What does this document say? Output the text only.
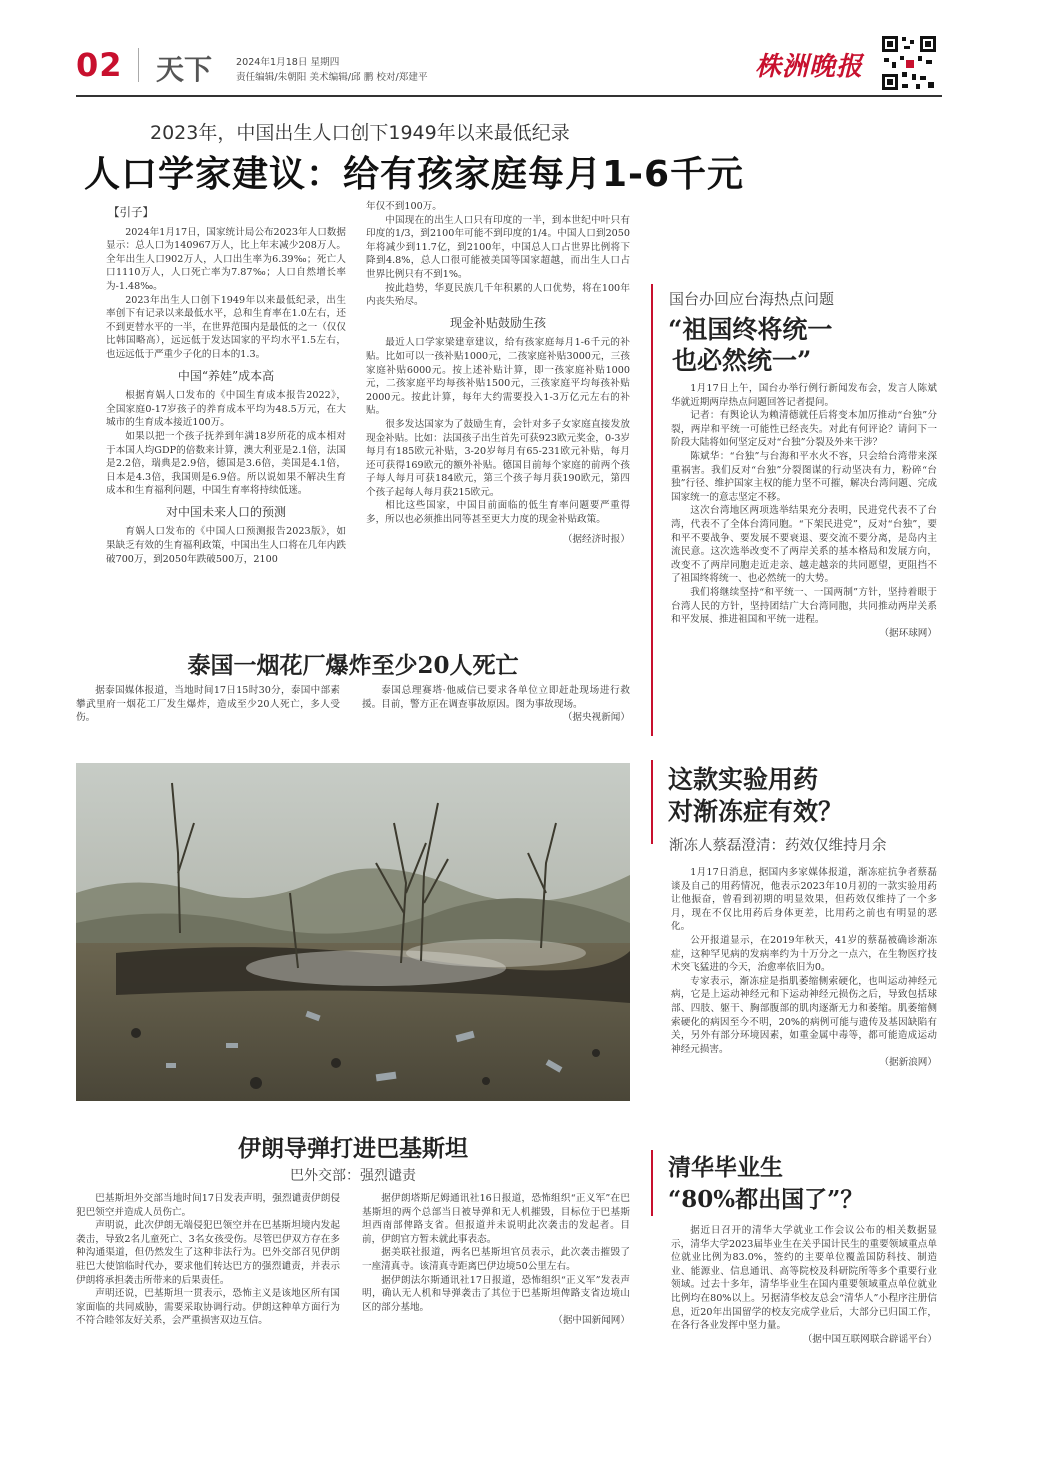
02 天下 2024年1月18日 星期四
责任编辑/朱朝阳 美术编辑/邱 鹏 校对/郑建平	株洲晚报
2023年，中国出生人口创下1949年以来最低纪录
人口学家建议：给有孩家庭每月1-6千元
【引子】

2024年1月17日，国家统计局公布2023年人口数据显示：总人口为140967万人，比上年末减少208万人。全年出生人口902万人，人口出生率为6.39‰；死亡人口1110万人，人口死亡率为7.87‰；人口自然增长率为-1.48‰。

2023年出生人口创下1949年以来最低纪录，出生率创下有记录以来最低水平，总和生育率在1.0左右，还不到更替水平的一半，在世界范围内是最低的之一（仅仅比韩国略高），远远低于发达国家的平均水平1.5左右，也远远低于严重少子化的日本的1.3。

中国“养娃”成本高

根据育娲人口发布的《中国生育成本报告2022》，全国家庭0-17岁孩子的养育成本平均为48.5万元，在大城市的生育成本接近100万。

如果以把一个孩子抚养到年满18岁所花的成本相对于本国人均GDP的倍数来计算，澳大利亚是2.1倍，法国是2.2倍，瑞典是2.9倍，德国是3.6倍，美国是4.1倍，日本是4.3倍，我国则是6.9倍。所以说如果不解决生育成本和生育福利问题，中国生育率将持续低迷。

对中国未来人口的预测

育娲人口发布的《中国人口预测报告2023版》，如果缺乏有效的生育福利政策，中国出生人口将在几年内跌破700万，到2050年跌破500万，2100

年仅不到100万。

中国现在的出生人口只有印度的一半，到本世纪中叶只有印度的1/3，到2100年可能不到印度的1/4。中国人口到2050年将减少到11.7亿，到2100年，中国总人口占世界比例将下降到4.8%，总人口很可能被美国等国家超越，而出生人口占世界比例只有不到1%。

按此趋势，华夏民族几千年积累的人口优势，将在100年内丧失殆尽。

现金补贴鼓励生孩

最近人口学家梁建章建议，给有孩家庭每月1-6千元的补贴。比如可以一孩补贴1000元，二孩家庭补贴3000元，三孩家庭补贴6000元。按上述补贴计算，即一孩家庭补贴1000元，二孩家庭平均每孩补贴1500元，三孩家庭平均每孩补贴2000元。按此计算，每年大约需要投入1-3万亿元左右的补贴。

很多发达国家为了鼓励生育，会针对多子女家庭直接发放现金补贴。比如：法国孩子出生首先可获923欧元奖金，0-3岁每月有185欧元补贴，3-20岁每月有65-231欧元补贴，每月还可获得169欧元的额外补贴。德国目前每个家庭的前两个孩子每人每月可获184欧元，第三个孩子每月获190欧元，第四个孩子起每人每月获215欧元。

相比这些国家，中国目前面临的低生育率问题要严重得多，所以也必须推出同等甚至更大力度的现金补贴政策。

（据经济时报）
国台办回应台海热点问题
“祖国终将统一
也必然统一”

1月17日上午，国台办举行例行新闻发布会，发言人陈斌华就近期两岸热点问题回答记者提问。

记者：有舆论认为赖清德就任后将变本加厉推动“台独”分裂，两岸和平统一可能性已经丧失。对此有何评论？请问下一阶段大陆将如何坚定反对“台独”分裂及外来干涉？

陈斌华：“台独”与台海和平水火不容，只会给台湾带来深重祸害。我们反对“台独”分裂图谋的行动坚决有力，粉碎“台独”行径、维护国家主权的能力坚不可摧，解决台湾问题、完成国家统一的意志坚定不移。

这次台湾地区两项选举结果充分表明，民进党代表不了台湾，代表不了全体台湾同胞。“下架民进党”，反对“台独”，要和平不要战争、要发展不要衰退、要交流不要分离，是岛内主流民意。这次选举改变不了两岸关系的基本格局和发展方向，改变不了两岸同胞走近走亲、越走越亲的共同愿望，更阻挡不了祖国终将统一、也必然统一的大势。

我们将继续坚持“和平统一、一国两制”方针，坚持着眼于台湾人民的方针，坚持团结广大台湾同胞，共同推动两岸关系和平发展、推进祖国和平统一进程。

（据环球网）
泰国一烟花厂爆炸至少20人死亡

据泰国媒体报道，当地时间17日15时30分，泰国中部素攀武里府一烟花工厂发生爆炸，造成至少20人死亡，多人受伤。

泰国总理赛塔·他威信已要求各单位立即赶赴现场进行救援。目前，警方正在调查事故原因。图为事故现场。

（据央视新闻）
这款实验用药
对渐冻症有效？
渐冻人蔡磊澄清：药效仅维持月余

1月17日消息，据国内多家媒体报道，渐冻症抗争者蔡磊谈及自己的用药情况，他表示2023年10月初的一款实验用药让他振奋，曾看到初期的明显效果，但药效仅维持了一个多月，现在不仅比用药后身体更差，比用药之前也有明显的恶化。

公开报道显示，在2019年秋天，41岁的蔡磊被确诊渐冻症，这种罕见病的发病率约为十万分之一点六，在生物医疗技术突飞猛进的今天，治愈率依旧为0。

专家表示，渐冻症是指肌萎缩侧索硬化，也叫运动神经元病，它是上运动神经元和下运动神经元损伤之后，导致包括球部、四肢、躯干、胸部腹部的肌肉逐渐无力和萎缩。肌萎缩侧索硬化的病因至今不明，20%的病例可能与遗传及基因缺陷有关，另外有部分环境因素，如重金属中毒等，都可能造成运动神经元损害。

（据新浪网）
伊朗导弹打进巴基斯坦
巴外交部：强烈谴责

巴基斯坦外交部当地时间17日发表声明，强烈谴责伊朗侵犯巴领空并造成人员伤亡。

声明说，此次伊朗无端侵犯巴领空并在巴基斯坦境内发起袭击，导致2名儿童死亡、3名女孩受伤。尽管巴伊双方存在多种沟通渠道，但仍然发生了这种非法行为。巴外交部召见伊朗驻巴大使馆临时代办，要求他们转达巴方的强烈谴责，并表示伊朗将承担袭击所带来的后果责任。

声明还说，巴基斯坦一贯表示，恐怖主义是该地区所有国家面临的共同威胁，需要采取协调行动。伊朗这种单方面行为不符合睦邻友好关系，会严重损害双边互信。

据伊朗塔斯尼姆通讯社16日报道，恐怖组织“正义军”在巴基斯坦的两个总部当日被导弹和无人机摧毁，目标位于巴基斯坦西南部俾路支省。但报道并未说明此次袭击的发起者。目前，伊朗官方暂未就此事表态。

据美联社报道，两名巴基斯坦官员表示，此次袭击摧毁了一座清真寺。该清真寺距离巴伊边境50公里左右。

据伊朗法尔斯通讯社17日报道，恐怖组织“正义军”发表声明，确认无人机和导弹袭击了其位于巴基斯坦俾路支省边境山区的部分基地。

（据中国新闻网）
清华毕业生
“80%都出国了”？

据近日召开的清华大学就业工作会议公布的相关数据显示，清华大学2023届毕业生在关乎国计民生的重要领域重点单位就业比例为83.0%，签约的主要单位覆盖国防科技、制造业、能源业、信息通讯、高等院校及科研院所等多个重要行业领域。过去十多年，清华毕业生在国内重要领域重点单位就业比例均在80%以上。另据清华校友总会“清华人”小程序注册信息，近20年出国留学的校友完成学业后，大部分已归国工作，在各行各业发挥中坚力量。

（据中国互联网联合辟谣平台）
